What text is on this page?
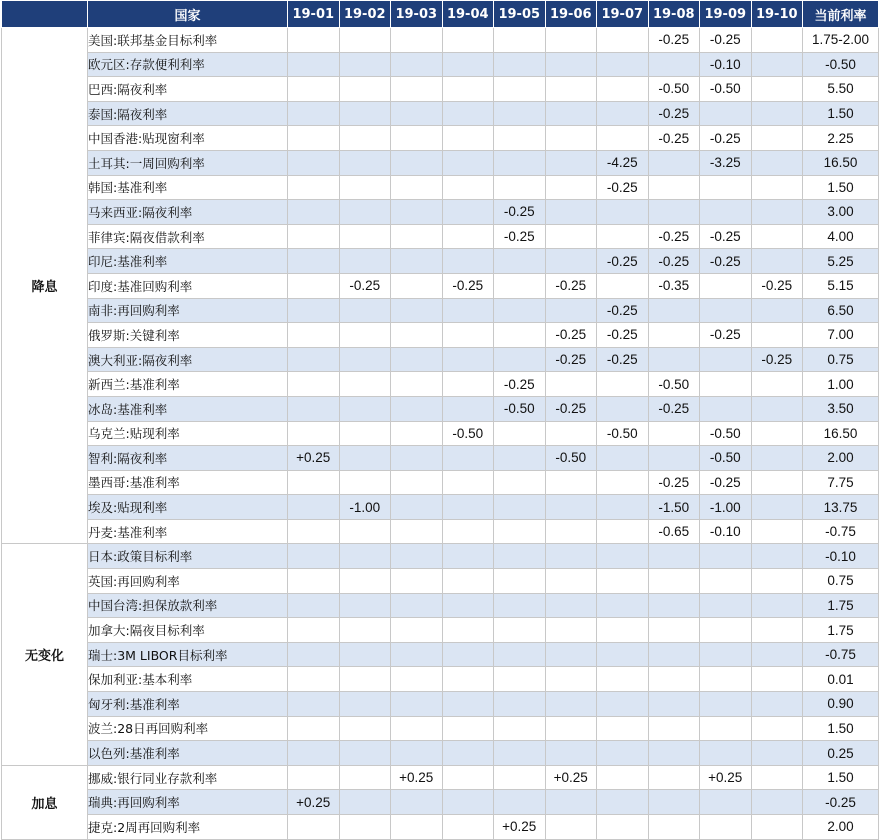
	国家	19-01	19-02	19-03	19-04	19-05	19-06	19-07	19-08	19-09	19-10	当前利率
降息	美国:联邦基金目标利率								-0.25	-0.25		1.75-2.00
	欧元区:存款便利利率									-0.10		-0.50
	巴西:隔夜利率								-0.50	-0.50		5.50
	泰国:隔夜利率								-0.25			1.50
	中国香港:贴现窗利率								-0.25	-0.25		2.25
	土耳其:一周回购利率							-4.25		-3.25		16.50
	韩国:基准利率							-0.25				1.50
	马来西亚:隔夜利率					-0.25						3.00
	菲律宾:隔夜借款利率					-0.25			-0.25	-0.25		4.00
	印尼:基准利率							-0.25	-0.25	-0.25		5.25
	印度:基准回购利率		-0.25		-0.25		-0.25		-0.35		-0.25	5.15
	南非:再回购利率							-0.25				6.50
	俄罗斯:关键利率						-0.25	-0.25		-0.25		7.00
	澳大利亚:隔夜利率						-0.25	-0.25			-0.25	0.75
	新西兰:基准利率					-0.25			-0.50			1.00
	冰岛:基准利率					-0.50	-0.25		-0.25			3.50
	乌克兰:贴现利率				-0.50			-0.50		-0.50		16.50
	智利:隔夜利率	+0.25					-0.50			-0.50		2.00
	墨西哥:基准利率								-0.25	-0.25		7.75
	埃及:贴现利率		-1.00						-1.50	-1.00		13.75
	丹麦:基准利率								-0.65	-0.10		-0.75
无变化	日本:政策目标利率											-0.10
	英国:再回购利率											0.75
	中国台湾:担保放款利率											1.75
	加拿大:隔夜目标利率											1.75
	瑞士:3M LIBOR目标利率											-0.75
	保加利亚:基本利率											0.01
	匈牙利:基准利率											0.90
	波兰:28日再回购利率											1.50
	以色列:基准利率											0.25
加息	挪威:银行同业存款利率			+0.25			+0.25			+0.25		1.50
	瑞典:再回购利率	+0.25										-0.25
	捷克:2周再回购利率					+0.25						2.00
